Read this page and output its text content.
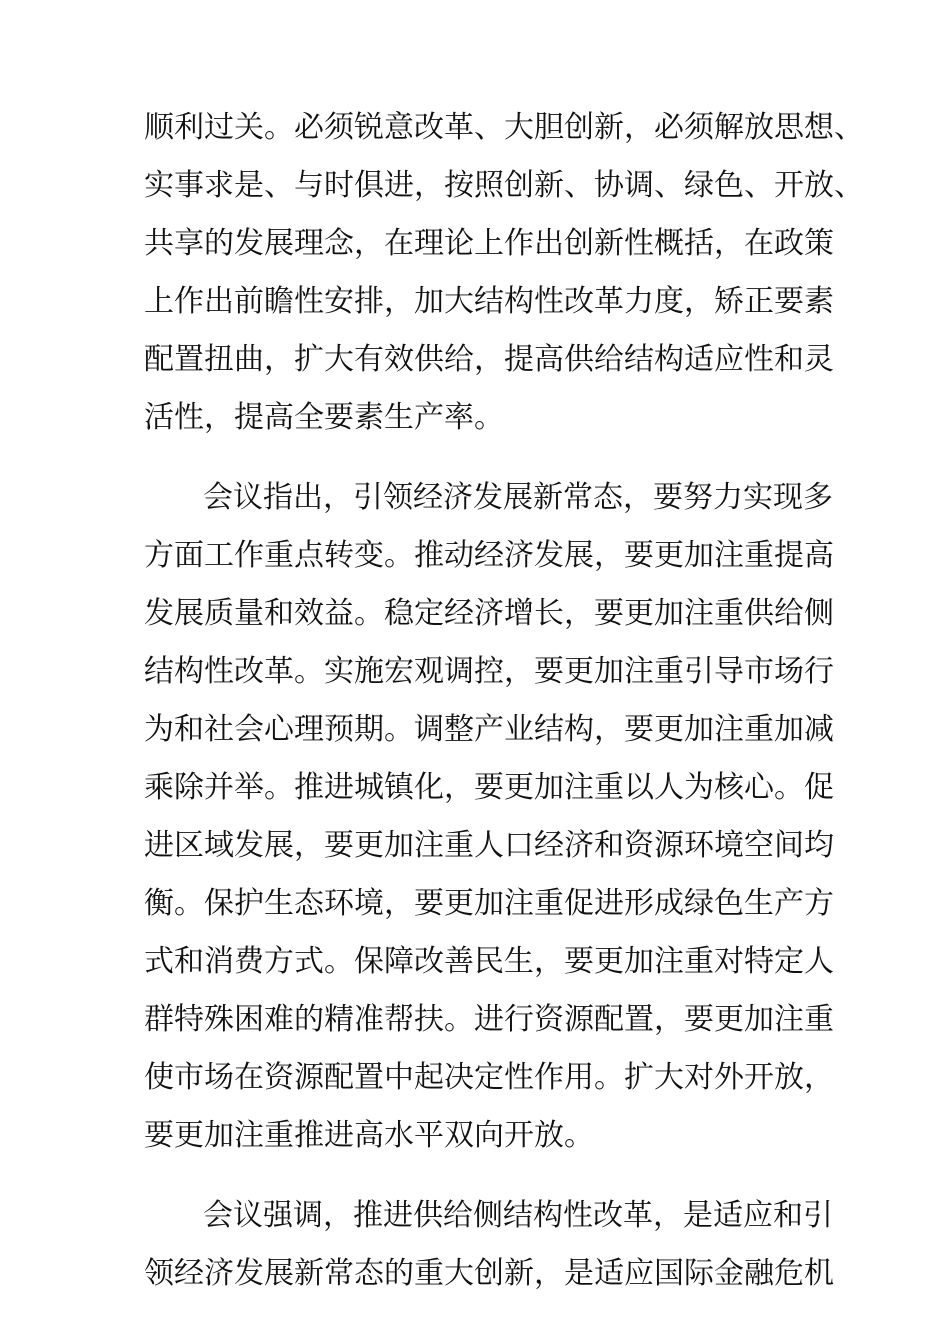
顺利过关。必须锐意改革、大胆创新，必须解放思想、
实事求是、与时俱进，按照创新、协调、绿色、开放、
共享的发展理念，在理论上作出创新性概括，在政策
上作出前瞻性安排，加大结构性改革力度，矫正要素
配置扭曲，扩大有效供给，提高供给结构适应性和灵
活性，提高全要素生产率。
会议指出，引领经济发展新常态，要努力实现多
方面工作重点转变。推动经济发展，要更加注重提高
发展质量和效益。稳定经济增长，要更加注重供给侧
结构性改革。实施宏观调控，要更加注重引导市场行
为和社会心理预期。调整产业结构，要更加注重加减
乘除并举。推进城镇化，要更加注重以人为核心。促
进区域发展，要更加注重人口经济和资源环境空间均
衡。保护生态环境，要更加注重促进形成绿色生产方
式和消费方式。保障改善民生，要更加注重对特定人
群特殊困难的精准帮扶。进行资源配置，要更加注重
使市场在资源配置中起决定性作用。扩大对外开放，
要更加注重推进高水平双向开放。
会议强调，推进供给侧结构性改革，是适应和引
领经济发展新常态的重大创新，是适应国际金融危机
